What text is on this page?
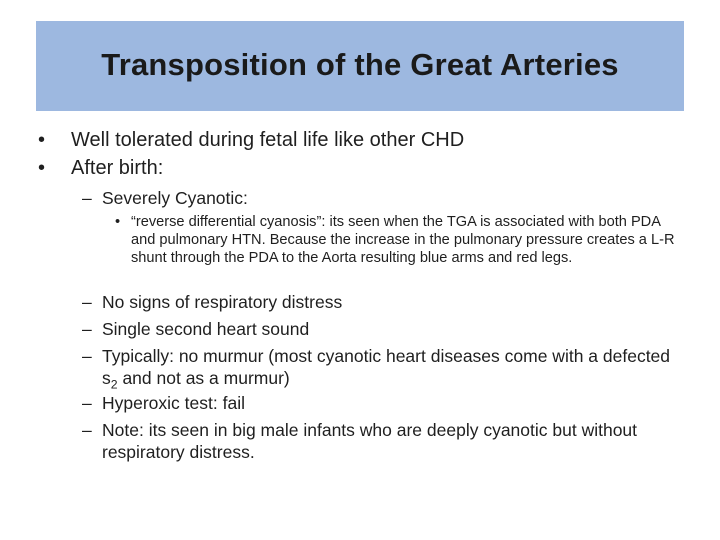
Transposition of the Great Arteries
• Well tolerated during fetal life like other CHD
• After birth:
– Severely Cyanotic:
• “reverse differential cyanosis”: its seen when the TGA is associated with both PDA and pulmonary HTN. Because the increase in the pulmonary pressure creates a L-R shunt through the PDA to the Aorta resulting blue arms and red legs.
– No signs of respiratory distress
– Single second heart sound
– Typically: no murmur (most cyanotic heart diseases come with a defected $s_2$ and not as a murmur)
– Hyperoxic test: fail
– Note: its seen in big male infants who are deeply cyanotic but without respiratory distress.
